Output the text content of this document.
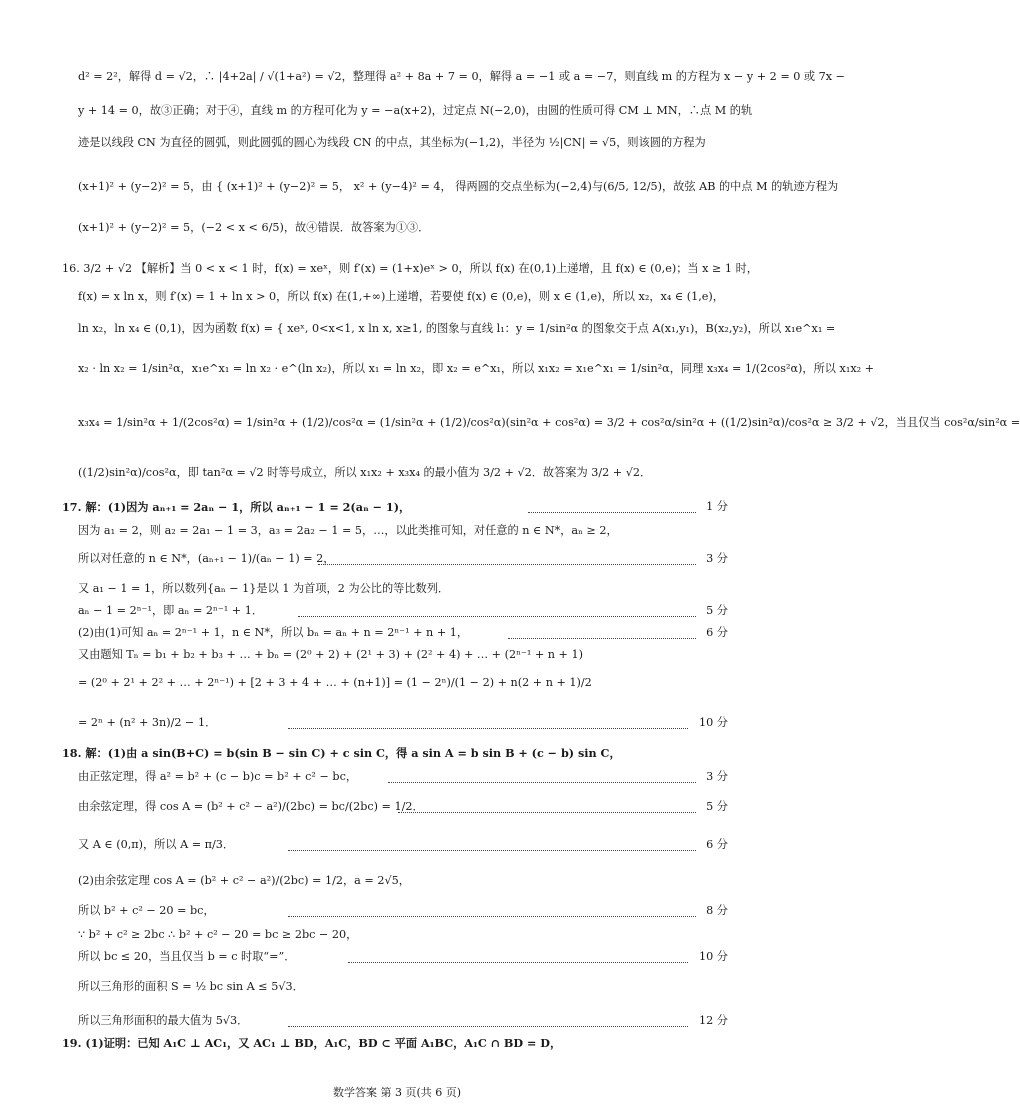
d² = 2²，解得 d = √2，∴ |4+2a| / √(1+a²) = √2，整理得 a² + 8a + 7 = 0，解得 a = −1 或 a = −7，则直线 m 的方程为 x − y + 2 = 0 或 7x −
y + 14 = 0，故③正确；对于④，直线 m 的方程可化为 y = −a(x+2)，过定点 N(−2,0)，由圆的性质可得 CM ⊥ MN，∴点 M 的轨
迹是以线段 CN 为直径的圆弧，则此圆弧的圆心为线段 CN 的中点，其坐标为(−1,2)，半径为 ½|CN| = √5，则该圆的方程为
(x+1)² + (y−2)² = 5，由 { (x+1)² + (y−2)² = 5， x² + (y−4)² = 4， 得两圆的交点坐标为(−2,4)与(6/5, 12/5)，故弦 AB 的中点 M 的轨迹方程为
(x+1)² + (y−2)² = 5，(−2 < x < 6/5)，故④错误．故答案为①③．
16. 3/2 + √2 【解析】当 0 < x < 1 时，f(x) = xeˣ，则 f′(x) = (1+x)eˣ > 0，所以 f(x) 在(0,1)上递增，且 f(x) ∈ (0,e)；当 x ≥ 1 时，
f(x) = x ln x，则 f′(x) = 1 + ln x > 0，所以 f(x) 在(1,+∞)上递增，若要使 f(x) ∈ (0,e)，则 x ∈ (1,e)，所以 x₂，x₄ ∈ (1,e)，
ln x₂，ln x₄ ∈ (0,1)，因为函数 f(x) = { xeˣ, 0<x<1, x ln x, x≥1, 的图象与直线 l₁：y = 1/sin²α 的图象交于点 A(x₁,y₁)，B(x₂,y₂)，所以 x₁e^x₁ =
x₂ · ln x₂ = 1/sin²α，x₁e^x₁ = ln x₂ · e^(ln x₂)，所以 x₁ = ln x₂，即 x₂ = e^x₁，所以 x₁x₂ = x₁e^x₁ = 1/sin²α，同理 x₃x₄ = 1/(2cos²α)，所以 x₁x₂ +
x₃x₄ = 1/sin²α + 1/(2cos²α) = 1/sin²α + (1/2)/cos²α = (1/sin²α + (1/2)/cos²α)(sin²α + cos²α) = 3/2 + cos²α/sin²α + ((1/2)sin²α)/cos²α ≥ 3/2 + √2，当且仅当 cos²α/sin²α =
((1/2)sin²α)/cos²α，即 tan²α = √2 时等号成立，所以 x₁x₂ + x₃x₄ 的最小值为 3/2 + √2．故答案为 3/2 + √2．
17. 解：(1)因为 aₙ₊₁ = 2aₙ − 1，所以 aₙ₊₁ − 1 = 2(aₙ − 1)，	1 分
因为 a₁ = 2，则 a₂ = 2a₁ − 1 = 3，a₃ = 2a₂ − 1 = 5，…，以此类推可知，对任意的 n ∈ N*，aₙ ≥ 2，
所以对任意的 n ∈ N*，(aₙ₊₁ − 1)/(aₙ − 1) = 2，	3 分
又 a₁ − 1 = 1，所以数列{aₙ − 1}是以 1 为首项，2 为公比的等比数列．
aₙ − 1 = 2ⁿ⁻¹，即 aₙ = 2ⁿ⁻¹ + 1．	5 分
(2)由(1)可知 aₙ = 2ⁿ⁻¹ + 1，n ∈ N*，所以 bₙ = aₙ + n = 2ⁿ⁻¹ + n + 1，	6 分
又由题知 Tₙ = b₁ + b₂ + b₃ + … + bₙ = (2⁰ + 2) + (2¹ + 3) + (2² + 4) + … + (2ⁿ⁻¹ + n + 1)
= (2⁰ + 2¹ + 2² + … + 2ⁿ⁻¹) + [2 + 3 + 4 + … + (n+1)] = (1 − 2ⁿ)/(1 − 2) + n(2 + n + 1)/2
= 2ⁿ + (n² + 3n)/2 − 1．	10 分
18. 解：(1)由 a sin(B+C) = b(sin B − sin C) + c sin C，得 a sin A = b sin B + (c − b) sin C，
由正弦定理，得 a² = b² + (c − b)c = b² + c² − bc，	3 分
由余弦定理，得 cos A = (b² + c² − a²)/(2bc) = bc/(2bc) = 1/2．	5 分
又 A ∈ (0,π)，所以 A = π/3．	6 分
(2)由余弦定理 cos A = (b² + c² − a²)/(2bc) = 1/2，a = 2√5，
所以 b² + c² − 20 = bc，	8 分
∵ b² + c² ≥ 2bc ∴ b² + c² − 20 = bc ≥ 2bc − 20，
所以 bc ≤ 20，当且仅当 b = c 时取“=”．	10 分
所以三角形的面积 S = ½ bc sin A ≤ 5√3．
所以三角形面积的最大值为 5√3．	12 分
19. (1)证明：已知 A₁C ⊥ AC₁，又 AC₁ ⊥ BD，A₁C，BD ⊂ 平面 A₁BC，A₁C ∩ BD = D，
数学答案 第 3 页(共 6 页)
